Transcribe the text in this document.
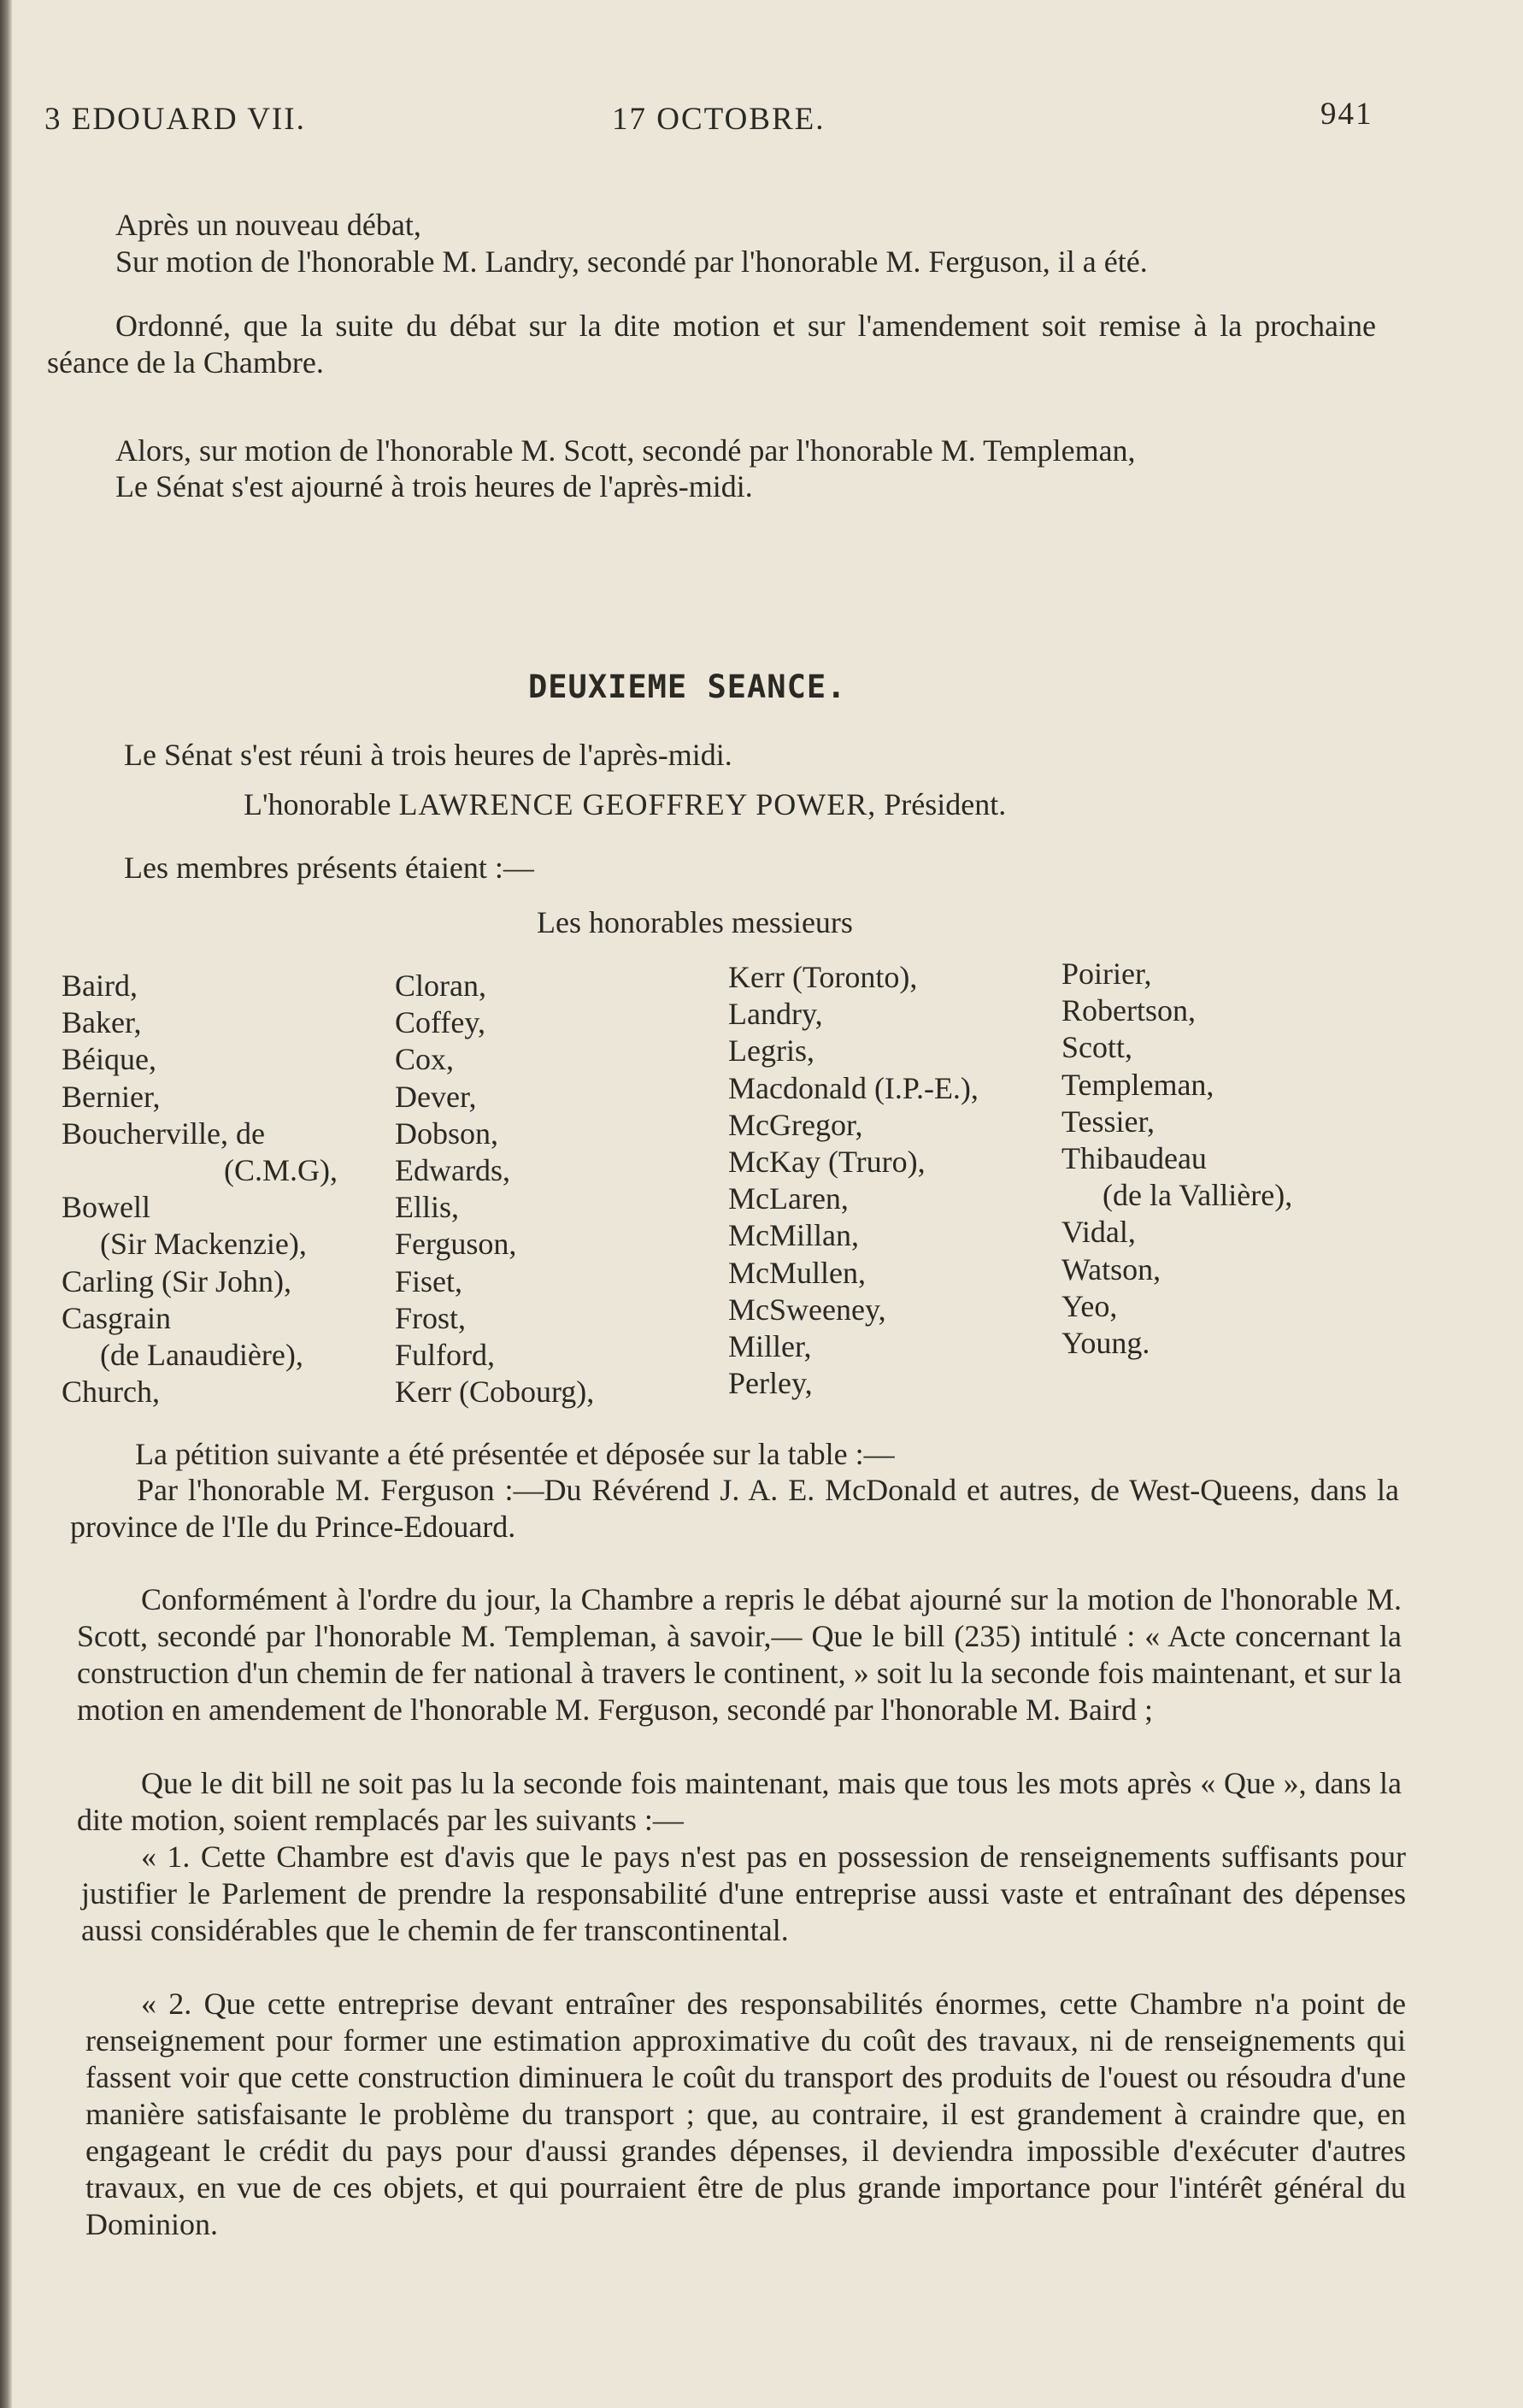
3 EDOUARD VII.	17 OCTOBRE.	941
Après un nouveau débat,
Sur motion de l'honorable M. Landry, secondé par l'honorable M. Ferguson, il a été.
Ordonné, que la suite du débat sur la dite motion et sur l'amendement soit remise à la prochaine séance de la Chambre.
Alors, sur motion de l'honorable M. Scott, secondé par l'honorable M. Templeman,
Le Sénat s'est ajourné à trois heures de l'après-midi.
DEUXIEME SEANCE.
Le Sénat s'est réuni à trois heures de l'après-midi.
L'honorable LAWRENCE GEOFFREY POWER, Président.
Les membres présents étaient :—
Les honorables messieurs
Baird,
Baker,
Béique,
Bernier,
Boucherville, de
(C.M.G),
Bowell
(Sir Mackenzie),
Carling (Sir John),
Casgrain
(de Lanaudière),
Church,
Cloran,
Coffey,
Cox,
Dever,
Dobson,
Edwards,
Ellis,
Ferguson,
Fiset,
Frost,
Fulford,
Kerr (Cobourg),
Kerr (Toronto),
Landry,
Legris,
Macdonald (I.P.-E.),
McGregor,
McKay (Truro),
McLaren,
McMillan,
McMullen,
McSweeney,
Miller,
Perley,
Poirier,
Robertson,
Scott,
Templeman,
Tessier,
Thibaudeau
(de la Vallière),
Vidal,
Watson,
Yeo,
Young.
La pétition suivante a été présentée et déposée sur la table :—
Par l'honorable M. Ferguson :—Du Révérend J. A. E. McDonald et autres, de West-Queens, dans la province de l'Ile du Prince-Edouard.
Conformément à l'ordre du jour, la Chambre a repris le débat ajourné sur la motion de l'honorable M. Scott, secondé par l'honorable M. Templeman, à savoir,— Que le bill (235) intitulé : « Acte concernant la construction d'un chemin de fer national à travers le continent, » soit lu la seconde fois maintenant, et sur la motion en amendement de l'honorable M. Ferguson, secondé par l'honorable M. Baird ;
Que le dit bill ne soit pas lu la seconde fois maintenant, mais que tous les mots après « Que », dans la dite motion, soient remplacés par les suivants :—
« 1. Cette Chambre est d'avis que le pays n'est pas en possession de renseignements suffisants pour justifier le Parlement de prendre la responsabilité d'une entreprise aussi vaste et entraînant des dépenses aussi considérables que le chemin de fer transcontinental.
« 2. Que cette entreprise devant entraîner des responsabilités énormes, cette Chambre n'a point de renseignement pour former une estimation approximative du coût des travaux, ni de renseignements qui fassent voir que cette construction diminuera le coût du transport des produits de l'ouest ou résoudra d'une manière satisfaisante le problème du transport ; que, au contraire, il est grandement à craindre que, en engageant le crédit du pays pour d'aussi grandes dépenses, il deviendra impossible d'exécuter d'autres travaux, en vue de ces objets, et qui pourraient être de plus grande importance pour l'intérêt général du Dominion.
